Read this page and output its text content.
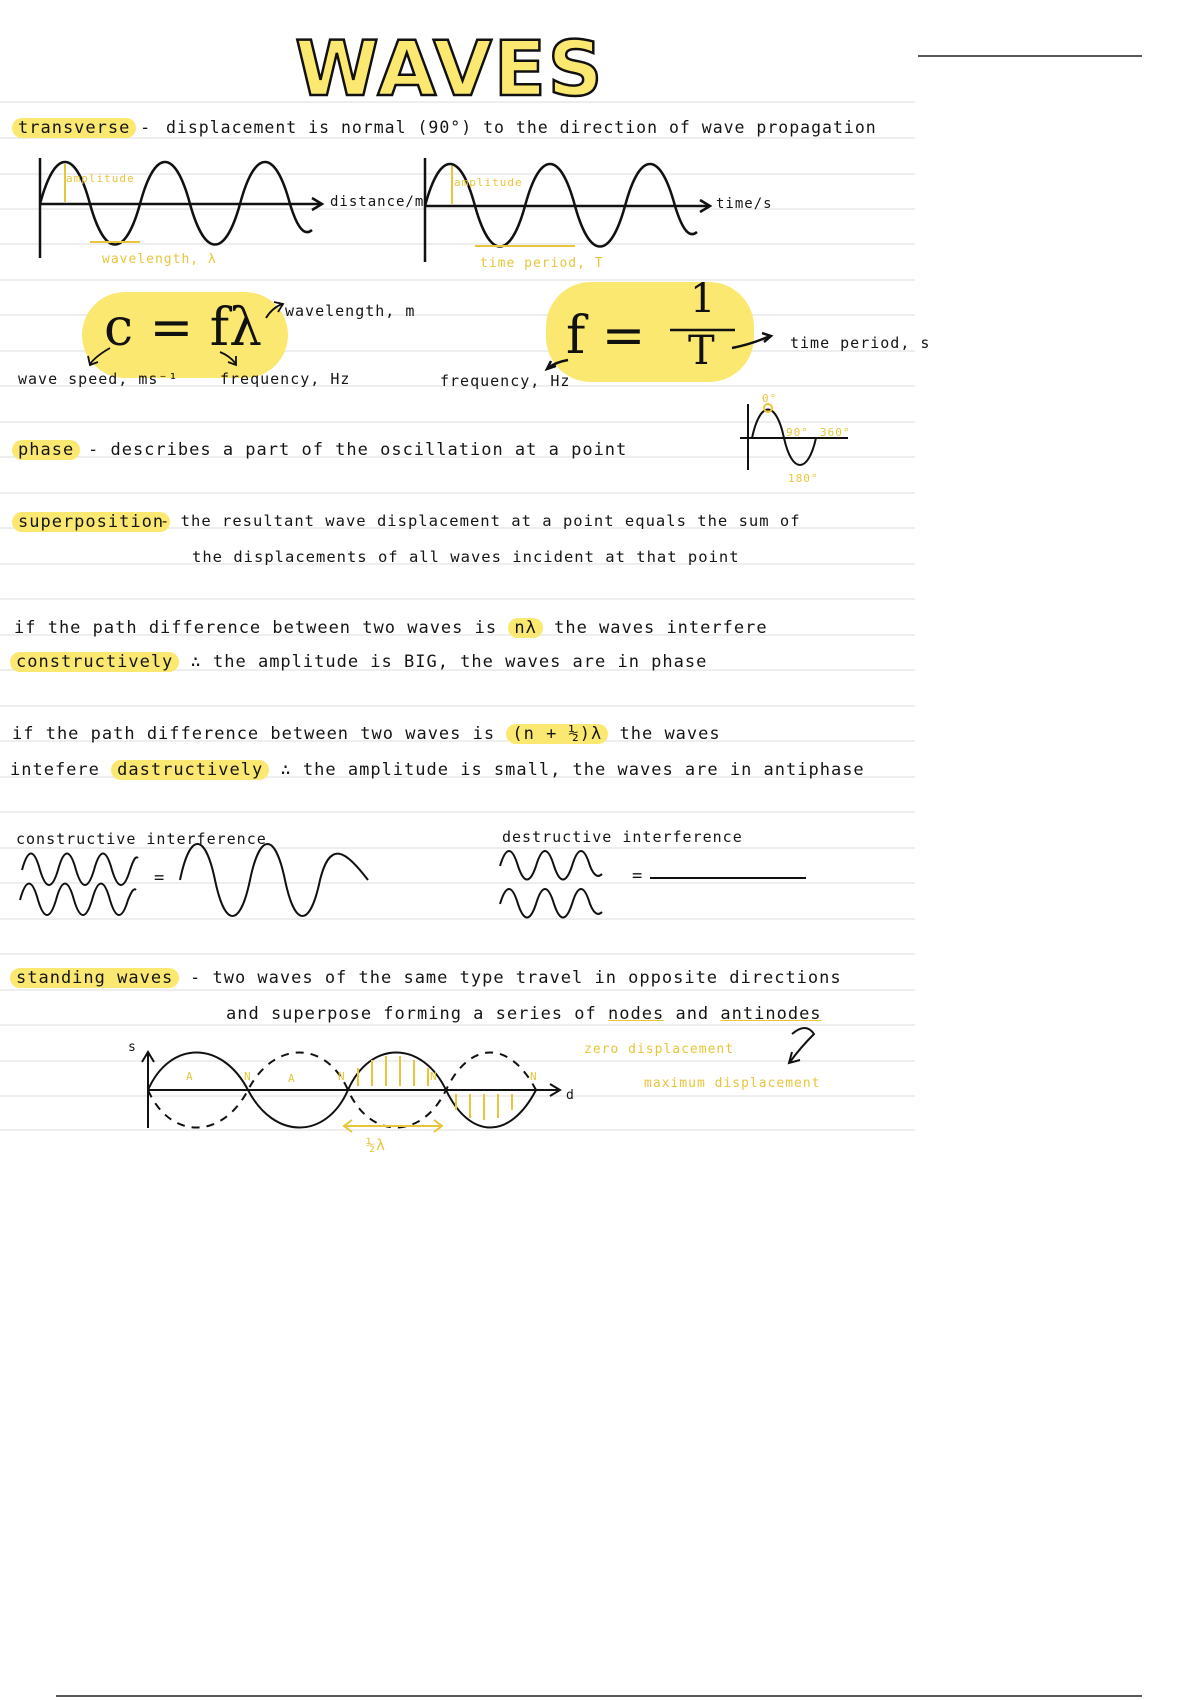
WAVES
transverse - displacement is normal (90°) to the direction of wave propagation
amplitude
distance/m
wavelength, λ
amplitude
time/s
time period, T
c = fλ wavelength, m
wave speed, ms⁻¹	frequency, Hz
f =
1
T	time period, s
frequency, Hz
phase - describes a part of the oscillation at a point
0°
90°
180°
360°
superposition
- the resultant wave displacement at a point equals the sum of
the displacements of all waves incident at that point
if the path difference between two waves is nλ the waves interfere
constructively ∴ the amplitude is BIG, the waves are in phase
if the path difference between two waves is (n + ½)λ the waves
intefere dastructively ∴ the amplitude is small, the waves are in antiphase
constructive interference	destructive interference
=	=
standing waves - two waves of the same type travel in opposite directions
and superpose forming a series of nodes and antinodes
zero displacement
maximum displacement
s
d
A	A
N	N	N	N
½λ
